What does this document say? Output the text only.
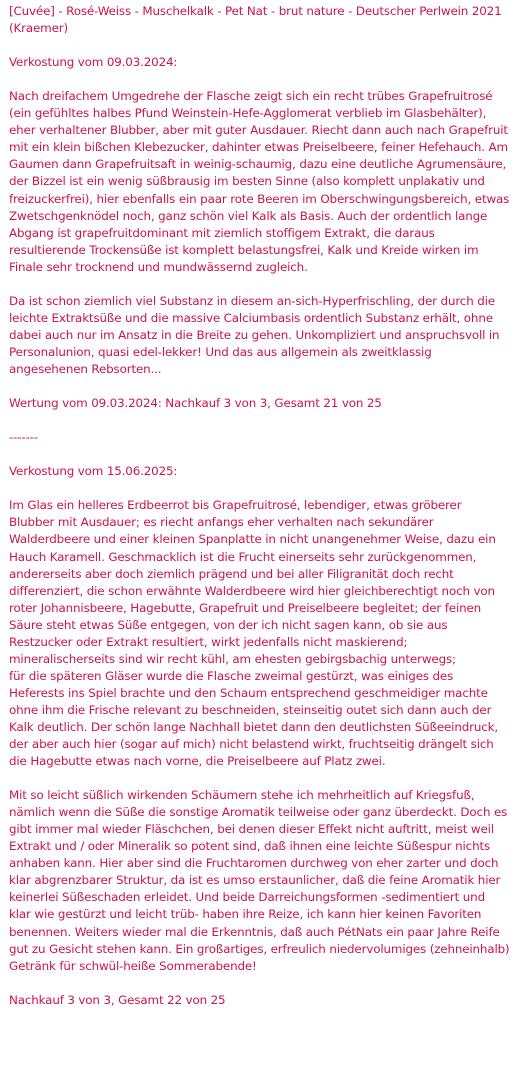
[Cuvée] - Rosé-Weiss - Muschelkalk - Pet Nat - brut nature - Deutscher Perlwein 2021 (Kraemer)

Verkostung vom 09.03.2024:

Nach dreifachem Umgedrehe der Flasche zeigt sich ein recht trübes Grapefruitrosé (ein gefühltes halbes Pfund Weinstein-Hefe-Agglomerat verblieb im Glasbehälter), eher verhaltener Blubber, aber mit guter Ausdauer. Riecht dann auch nach Grapefruit mit ein klein bißchen Klebezucker, dahinter etwas Preiselbeere, feiner Hefehauch. Am Gaumen dann Grapefruitsaft in weinig-schaumig, dazu eine deutliche Agrumensäure, der Bizzel ist ein wenig süßbrausig im besten Sinne (also komplett unplakativ und freizuckerfrei), hier ebenfalls ein paar rote Beeren im Oberschwingungsbereich, etwas Zwetschgenknödel noch, ganz schön viel Kalk als Basis. Auch der ordentlich lange Abgang ist grapefruitdominant mit ziemlich stoffigem Extrakt, die daraus resultierende Trockensüße ist komplett belastungsfrei, Kalk und Kreide wirken im Finale sehr trocknend und mundwässernd zugleich.

Da ist schon ziemlich viel Substanz in diesem an-sich-Hyperfrischling, der durch die leichte Extraktsüße und die massive Calciumbasis ordentlich Substanz erhält, ohne dabei auch nur im Ansatz in die Breite zu gehen. Unkompliziert und anspruchsvoll in Personalunion, quasi edel-lekker! Und das aus allgemein als zweitklassig angesehenen Rebsorten...

Wertung vom 09.03.2024: Nachkauf 3 von 3, Gesamt 21 von 25

-------

Verkostung vom 15.06.2025:

Im Glas ein helleres Erdbeerrot bis Grapefruitrosé, lebendiger, etwas gröberer Blubber mit Ausdauer; es riecht anfangs eher verhalten nach sekundärer Walderdbeere und einer kleinen Spanplatte in nicht unangenehmer Weise, dazu ein Hauch Karamell. Geschmacklich ist die Frucht einerseits sehr zurückgenommen, andererseits aber doch ziemlich prägend und bei aller Filigranität doch recht differenziert, die schon erwähnte Walderdbeere wird hier gleichberechtigt noch von roter Johannisbeere, Hagebutte, Grapefruit und Preiselbeere begleitet; der feinen Säure steht etwas Süße entgegen, von der ich nicht sagen kann, ob sie aus Restzucker oder Extrakt resultiert, wirkt jedenfalls nicht maskierend;
mineralischerseits sind wir recht kühl, am ehesten gebirgsbachig unterwegs;
für die späteren Gläser wurde die Flasche zweimal gestürzt, was einiges des Heferests ins Spiel brachte und den Schaum entsprechend geschmeidiger machte ohne ihm die Frische relevant zu beschneiden, steinseitig outet sich dann auch der Kalk deutlich. Der schön lange Nachhall bietet dann den deutlichsten Süßeeindruck, der aber auch hier (sogar auf mich) nicht belastend wirkt, fruchtseitig drängelt sich die Hagebutte etwas nach vorne, die Preiselbeere auf Platz zwei.

Mit so leicht süßlich wirkenden Schäumern stehe ich mehrheitlich auf Kriegsfuß, nämlich wenn die Süße die sonstige Aromatik teilweise oder ganz überdeckt. Doch es gibt immer mal wieder Fläschchen, bei denen dieser Effekt nicht auftritt, meist weil Extrakt und / oder Mineralik so potent sind, daß ihnen eine leichte Süßespur nichts anhaben kann. Hier aber sind die Fruchtaromen durchweg von eher zarter und doch klar abgrenzbarer Struktur, da ist es umso erstaunlicher, daß die feine Aromatik hier keinerlei Süßeschaden erleidet. Und beide Darreichungsformen -sedimentiert und klar wie gestürzt und leicht trüb- haben ihre Reize, ich kann hier keinen Favoriten benennen. Weiters wieder mal die Erkenntnis, daß auch PétNats ein paar Jahre Reife gut zu Gesicht stehen kann. Ein großartiges, erfreulich niedervolumiges (zehneinhalb) Getränk für schwül-heiße Sommerabende!

Nachkauf 3 von 3, Gesamt 22 von 25
